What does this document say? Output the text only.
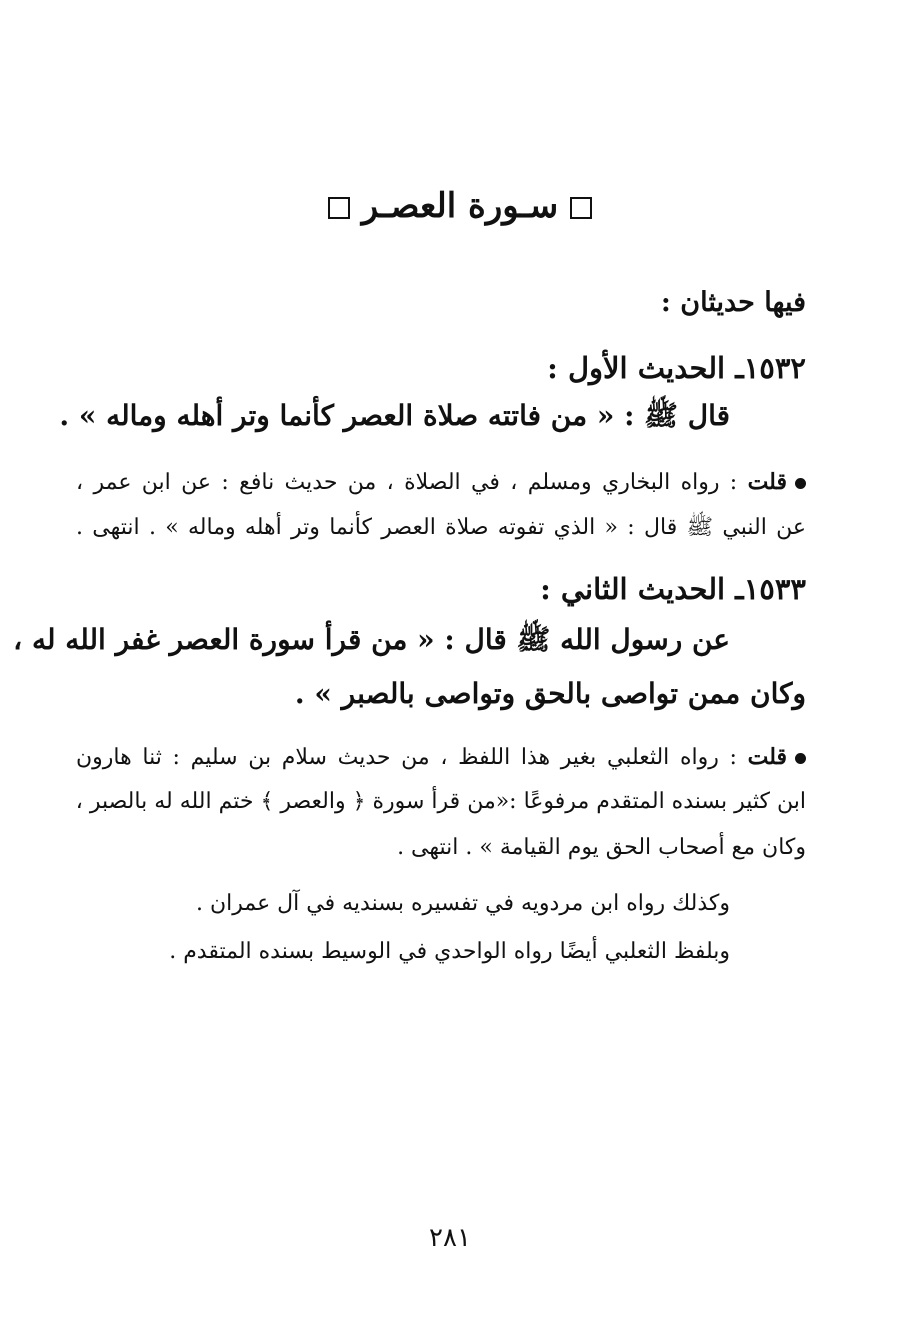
سـورة العصـر
فيها حديثان :
١٥٣٢ـ الحديث الأول :
قال ﷺ : « من فاتته صلاة العصر كأنما وتر أهله وماله » .
قلت : رواه البخاري ومسلم ، في الصلاة ، من حديث نافع : عن ابن عمر ،
عن النبي ﷺ قال : « الذي تفوته صلاة العصر كأنما وتر أهله وماله » . انتهى .
١٥٣٣ـ الحديث الثاني :
عن رسول الله ﷺ قال : « من قرأ سورة العصر غفر الله له ،
وكان ممن تواصى بالحق وتواصى بالصبر » .
قلت : رواه الثعلبي بغير هذا اللفظ ، من حديث سلام بن سليم : ثنا هارون
ابن كثير بسنده المتقدم مرفوعًا :«من قرأ سورة ﴿ والعصر ﴾ ختم الله له بالصبر ،
وكان مع أصحاب الحق يوم القيامة » . انتهى .
وكذلك رواه ابن مردويه في تفسيره بسنديه في آل عمران .
وبلفظ الثعلبي أيضًا رواه الواحدي في الوسيط بسنده المتقدم .
٢٨١
